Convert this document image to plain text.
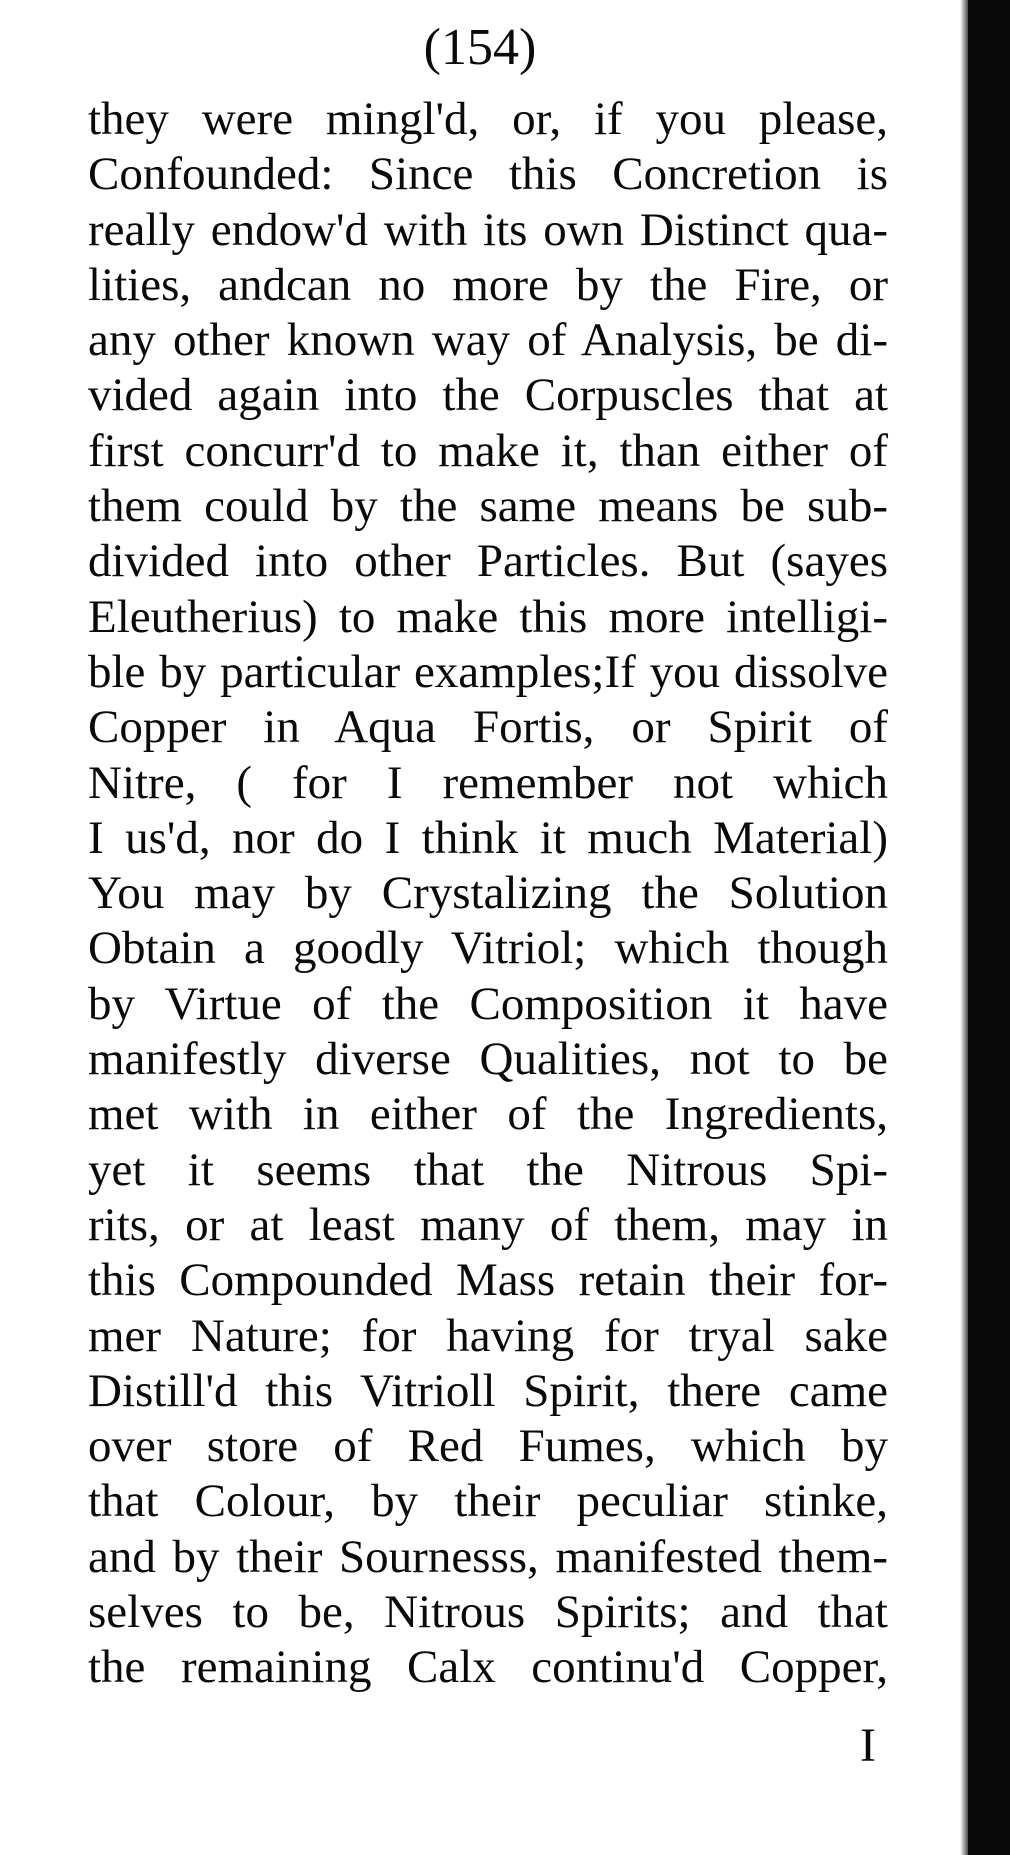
(154)
they were mingl'd, or, if you please,
Confounded: Since this Concretion is
really endow'd with its own Distinct qua-
lities, andcan no more by the Fire, or
any other known way of Analysis, be di-
vided again into the Corpuscles that at
first concurr'd to make it, than either of
them could by the same means be sub-
divided into other Particles. But (sayes
Eleutherius) to make this more intelligi-
ble by particular examples;If you dissolve
Copper in Aqua Fortis, or Spirit of
Nitre, ( for I remember not which
I us'd, nor do I think it much Material)
You may by Crystalizing the Solution
Obtain a goodly Vitriol; which though
by Virtue of the Composition it have
manifestly diverse Qualities, not to be
met with in either of the Ingredients,
yet it seems that the Nitrous Spi-
rits, or at least many of them, may in
this Compounded Mass retain their for-
mer Nature; for having for tryal sake
Distill'd this Vitrioll Spirit, there came
over store of Red Fumes, which by
that Colour, by their peculiar stinke,
and by their Sournesss, manifested them-
selves to be, Nitrous Spirits; and that
the remaining Calx continu'd Copper,
I
